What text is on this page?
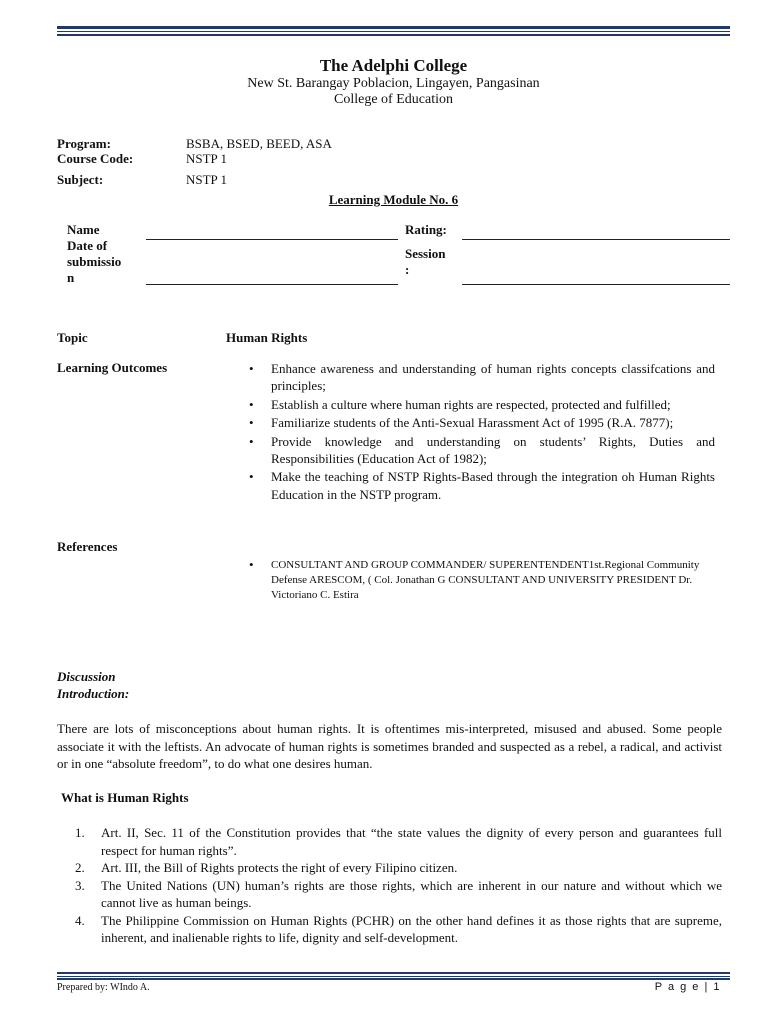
The Adelphi College
New St. Barangay Poblacion, Lingayen, Pangasinan
College of Education
Program:	BSBA, BSED, BEED, ASA
Course Code:	NSTP 1
Subject:	NSTP 1
Learning Module No. 6
Name	Rating:
Date of
submissio
n
Session
:
Topic	Human Rights
Learning Outcomes
•	Enhance awareness and understanding of human rights concepts classifcations and principles;
• Establish a culture where human rights are respected, protected and fulfilled;
• Familiarize students of the Anti-Sexual Harassment Act of 1995 (R.A. 7877);
• Provide knowledge and understanding on students’ Rights, Duties and Responsibilities (Education Act of 1982);
• Make the teaching of NSTP Rights-Based through the integration oh Human Rights Education in the NSTP program.
References
• CONSULTANT AND GROUP COMMANDER/ SUPERENTENDENT1st.Regional Community Defense ARESCOM, ( Col. Jonathan G CONSULTANT AND UNIVERSITY PRESIDENT Dr. Victoriano C. Estira
Discussion
Introduction:
There are lots of misconceptions about human rights. It is oftentimes mis-interpreted, misused and abused. Some people associate it with the leftists. An advocate of human rights is sometimes branded and suspected as a rebel, a radical, and activist or in one “absolute freedom”, to do what one desires human.
What is Human Rights
1. Art. II, Sec. 11 of the Constitution provides that “the state values the dignity of every person and guarantees full respect for human rights”.
2. Art. III, the Bill of Rights protects the right of every Filipino citizen.
3. The United Nations (UN) human’s rights are those rights, which are inherent in our nature and without which we cannot live as human beings.
4. The Philippine Commission on Human Rights (PCHR) on the other hand defines it as those rights that are supreme, inherent, and inalienable rights to life, dignity and self-development.
Prepared by: WIndo A.	P a g e | 1
